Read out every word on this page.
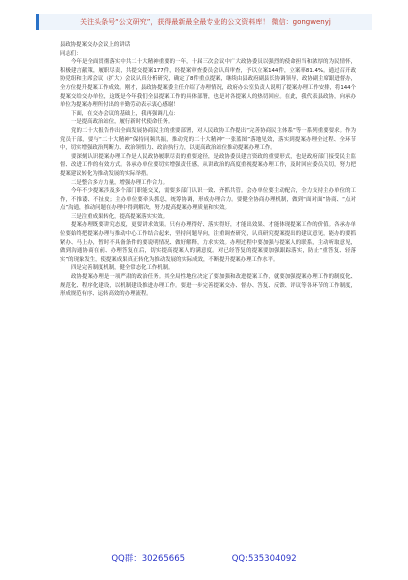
关注头条号“公文研究”，获得最新最全最专业的公文资料库！ 微信：gongwenyj

县政协提案交办会议上的讲话

同志们：

今年是全面贯彻落实中共二十大精神重要的一年，十届三次会议中广大政协委员以强烈的使命担当和浓厚的为民情怀，积极建言献策，履职尽责，共提交提案177件，经提案审查委员会认真审查，予以立案144件，立案率81.4%。通过召开政协党组和主席会议（扩大）会议认真分析研究，确定了8件重点提案，继续由县政府副县长协调领导，政协副主席跟进督办，全方位提升提案工作成效。刚才，县政协提案委主任介绍了办理情况，政府办公室负责人说明了提案办理工作安排，将144个提案交给交办单位，这既是今年我们全县提案工作的具体部署，也是对各提案人的热切回应。在此，我代表县政协，向承办单位为提案办理所付出的辛勤劳动表示衷心感谢！

下面，在交办会议的基础上，我再强调几点：

一是提高政治站位，履行新时代使命任务。

党的二十大报告作出全面发展协商民主的重要部署，对人民政协工作提出“完善协商民主体系”等一系列重要要求。作为党员干部，要与“二十大精神”保持同频共振，推动党的二十大精神“一张蓝图”落地见效，落实到提案办理全过程、全环节中，切实增强政治判断力、政治领悟力、政治执行力，以更高政治站位推动提案办理工作。

要深刻认识提案办理工作是人民政协履职尽责的重要途径，是政协委员建言资政的重要形式，也是政府部门接受民主监督、改进工作的有效方式。各承办单位要切实增强责任感，从讲政治的高度重视提案办理工作，及时回应委员关切，努力把提案建议转化为推动发展的实际举措。

二是整合多方力量，增强办理工作合力。

今年不少提案涉及多个部门职能交叉，需要多部门认识一致、齐抓共管。会办单位要主动配合，全力支持主办单位的工作，不推诿、不扯皮；主办单位要牵头抓总，统筹协调，形成办理合力。要健全协商办理机制，做到“面对面”协商、“点对点”沟通，推动问题在办理中得到解决，努力提高提案办理质量和实效。

三是注重成果转化，提高提案落实实效。

提案办理既要讲究态度，更要讲求效果。只有办理得好、落实得好，才能出效果、才能体现提案工作的价值。各承办单位要始终把提案办理与推动中心工作结合起来，坚持问题导向，注重调查研究，认真研究提案提出的建议意见，能办的要抓紧办、马上办，暂时不具备条件的要说明情况、做好解释，力求实效。办理过程中要加强与提案人的联系，主动听取意见，做到沟通协商在前、办理答复在后，切实提高提案人的满意度。对已经答复的提案要加强跟踪落实，防止“重答复、轻落实”的现象发生，使提案成果真正转化为推动发展的实际成效，不断提升提案办理工作水平。

四是完善制度机制，健全常态化工作机制。

政协提案办理是一项严肃的政治任务。其全局性地位决定了要加强和改进提案工作，就要加强提案办理工作的制度化、规范化、程序化建设，以机制建设推进办理工作。要进一步完善提案交办、督办、答复、反馈、评议等各环节的工作制度，形成规范有序、运转高效的办理流程。

QQ群：30265665	QQ:535304092
